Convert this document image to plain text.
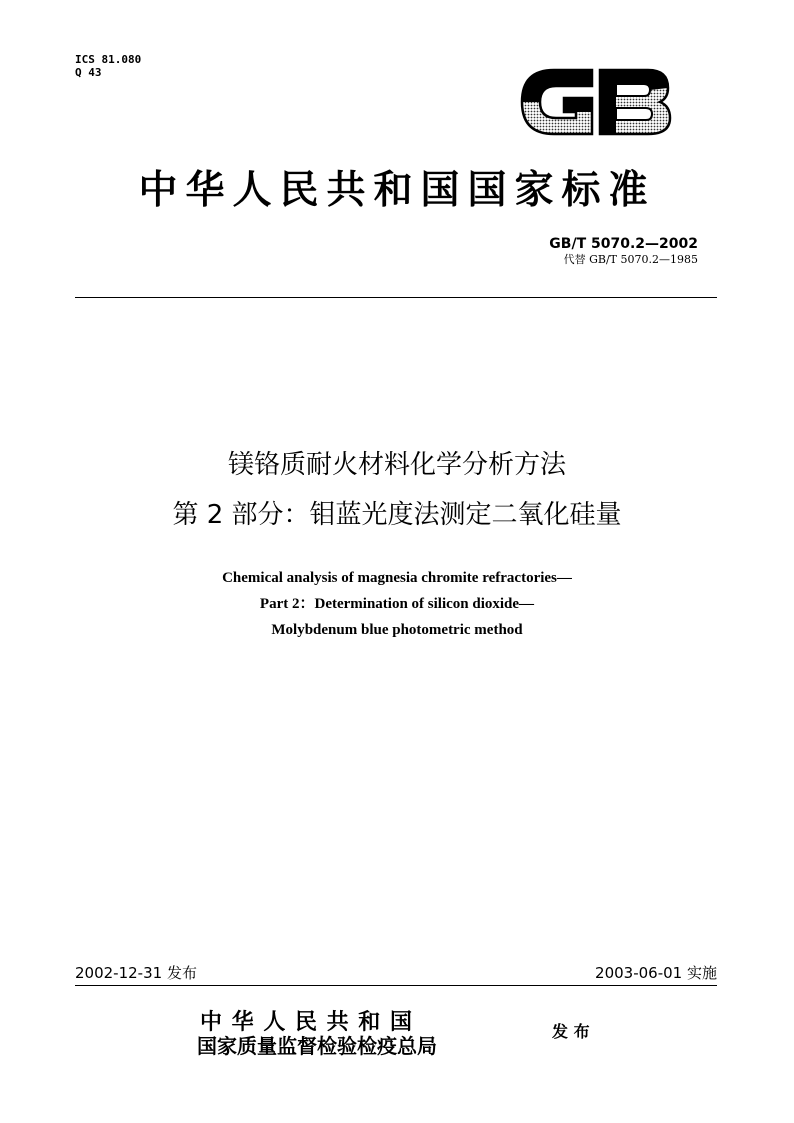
ICS 81.080
Q 43
GB
中华人民共和国国家标准
GB/T 5070.2—2002
代替 GB/T 5070.2—1985
镁铬质耐火材料化学分析方法
第 2 部分：钼蓝光度法测定二氧化硅量
Chemical analysis of magnesia chromite refractories—
Part 2：Determination of silicon dioxide—
Molybdenum blue photometric method
2002-12-31 发布	2003-06-01 实施
中 华 人 民 共 和 国
国家质量监督检验检疫总局
发 布
